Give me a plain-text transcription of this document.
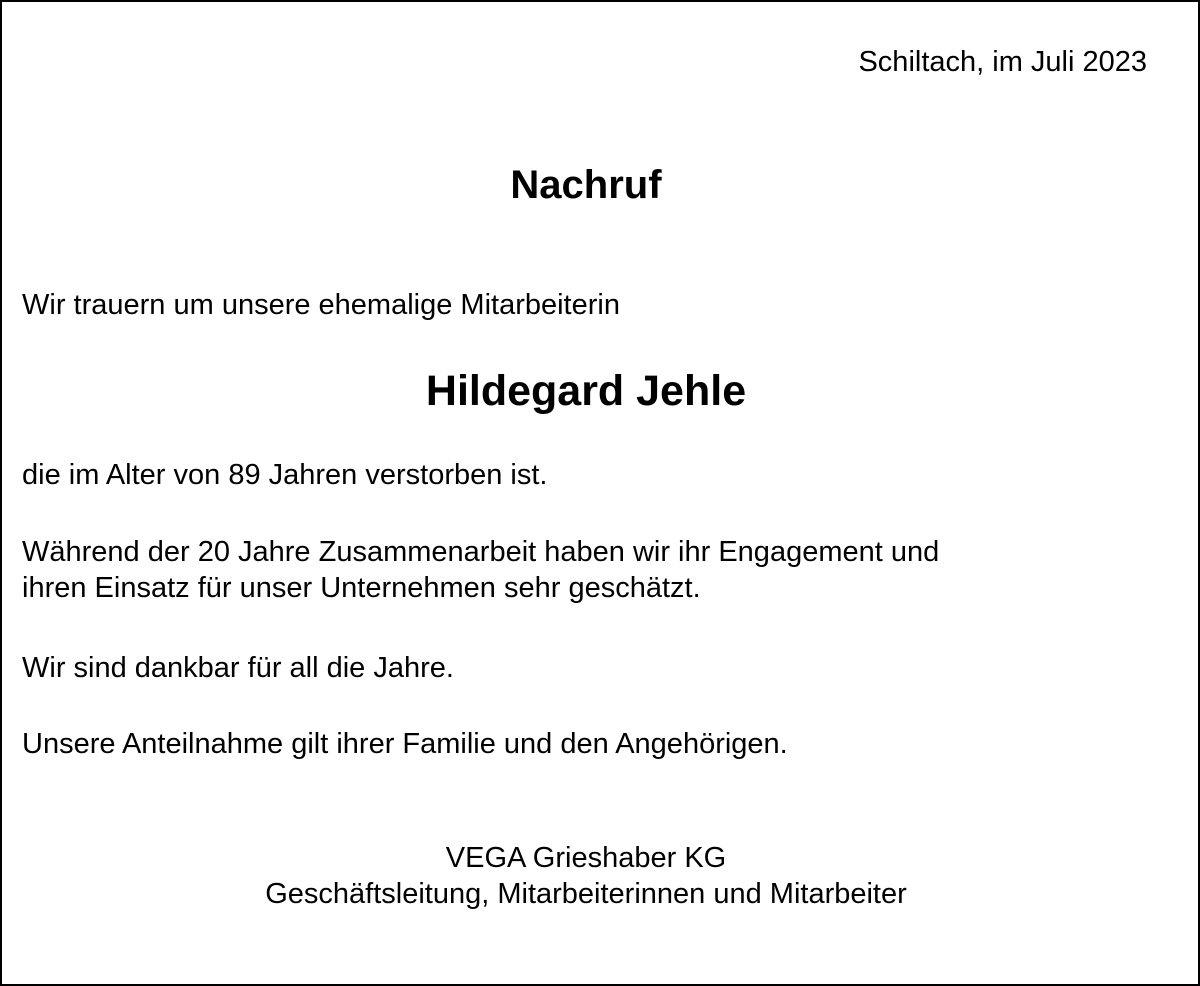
Schiltach, im Juli 2023

Nachruf

Wir trauern um unsere ehemalige Mitarbeiterin

Hildegard Jehle

die im Alter von 89 Jahren verstorben ist.

Während der 20 Jahre Zusammenarbeit haben wir ihr Engagement und
ihren Einsatz für unser Unternehmen sehr geschätzt.

Wir sind dankbar für all die Jahre.

Unsere Anteilnahme gilt ihrer Familie und den Angehörigen.

VEGA Grieshaber KG

Geschäftsleitung, Mitarbeiterinnen und Mitarbeiter
